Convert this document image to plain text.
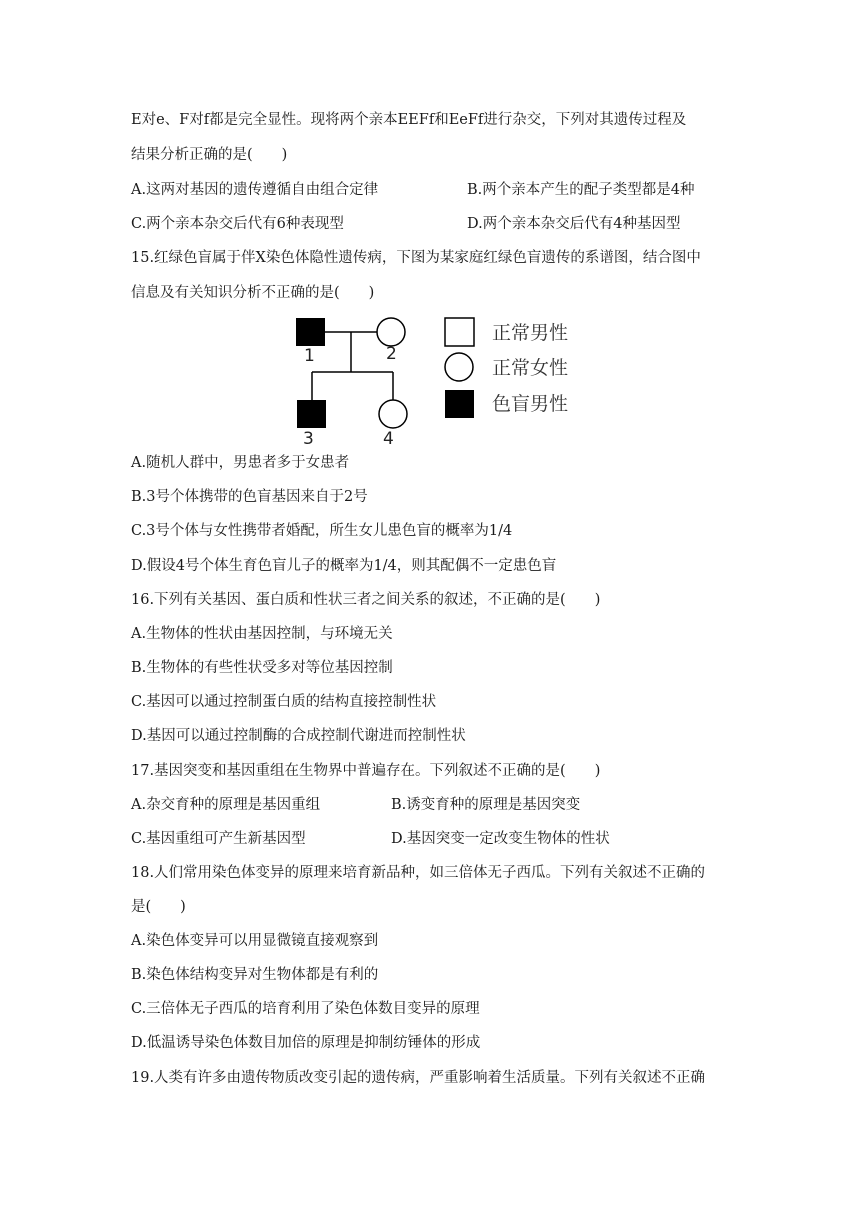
E对e、F对f都是完全显性。现将两个亲本EEFf和EeFf进行杂交，下列对其遗传过程及
结果分析正确的是(　　)
A.这两对基因的遗传遵循自由组合定律	B.两个亲本产生的配子类型都是4种
C.两个亲本杂交后代有6种表现型	D.两个亲本杂交后代有4种基因型
15.红绿色盲属于伴X染色体隐性遗传病，下图为某家庭红绿色盲遗传的系谱图，结合图中
信息及有关知识分析不正确的是(　　)
1	2
3	4
正常男性
正常女性
色盲男性
A.随机人群中，男患者多于女患者
B.3号个体携带的色盲基因来自于2号
C.3号个体与女性携带者婚配，所生女儿患色盲的概率为1/4
D.假设4号个体生育色盲儿子的概率为1/4，则其配偶不一定患色盲
16.下列有关基因、蛋白质和性状三者之间关系的叙述，不正确的是(　　)
A.生物体的性状由基因控制，与环境无关
B.生物体的有些性状受多对等位基因控制
C.基因可以通过控制蛋白质的结构直接控制性状
D.基因可以通过控制酶的合成控制代谢进而控制性状
17.基因突变和基因重组在生物界中普遍存在。下列叙述不正确的是(　　)
A.杂交育种的原理是基因重组	B.诱变育种的原理是基因突变
C.基因重组可产生新基因型	D.基因突变一定改变生物体的性状
18.人们常用染色体变异的原理来培育新品种，如三倍体无子西瓜。下列有关叙述不正确的
是(　　)
A.染色体变异可以用显微镜直接观察到
B.染色体结构变异对生物体都是有利的
C.三倍体无子西瓜的培育利用了染色体数目变异的原理
D.低温诱导染色体数目加倍的原理是抑制纺锤体的形成
19.人类有许多由遗传物质改变引起的遗传病，严重影响着生活质量。下列有关叙述不正确
